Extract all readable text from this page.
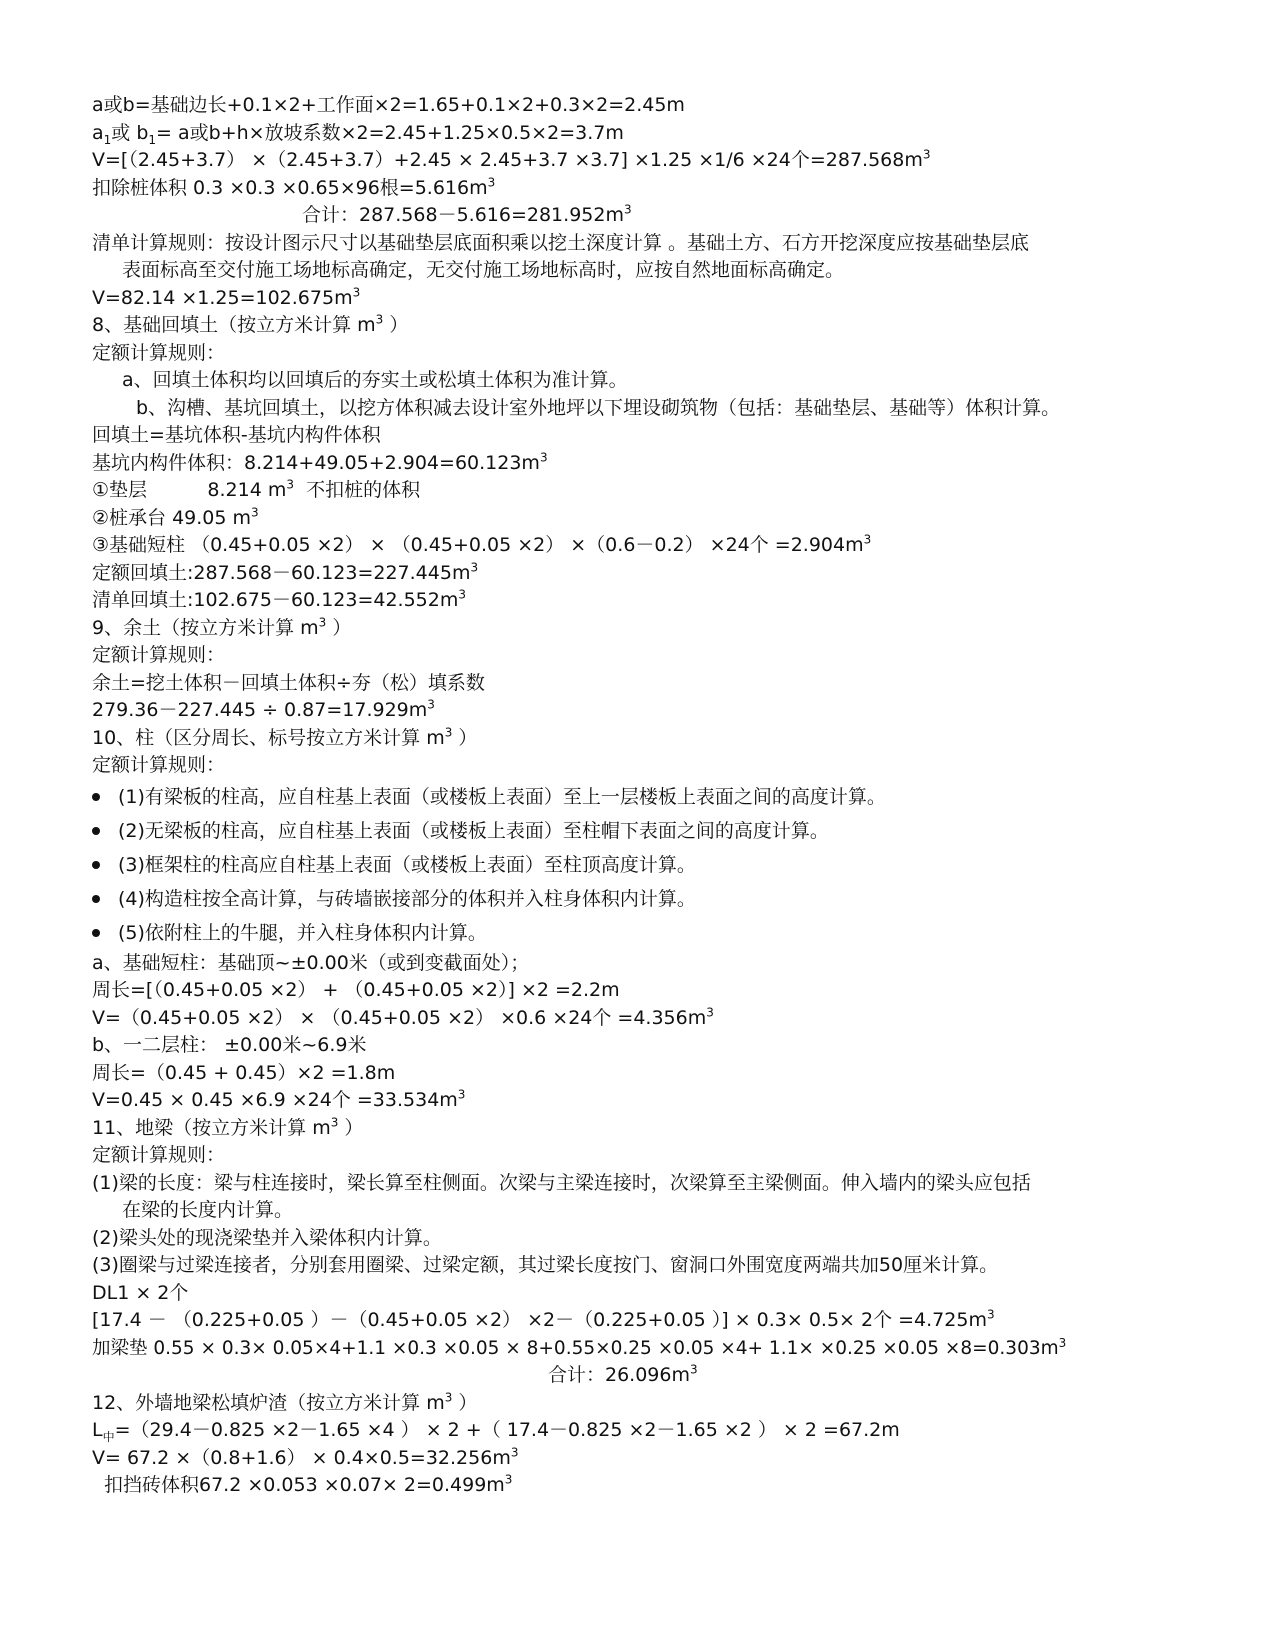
a或b=基础边长+0.1×2+工作面×2=1.65+0.1×2+0.3×2=2.45m
$a_1$或 $b_1= a$或b+h×放坡系数×2=2.45+1.25×0.5×2=3.7m
V=[（2.45+3.7） ×（2.45+3.7）+2.45 × 2.45+3.7 ×3.7] ×1.25 ×1/6 ×24个$=287.568m^3$
扣除桩体积 0.3 ×0.3 ×0.65×96根$=5.616m^3$
合计：$287.568-5.616=281.952m^3$
清单计算规则：按设计图示尺寸以基础垫层底面积乘以挖土深度计算 。基础土方、石方开挖深度应按基础垫层底
表面标高至交付施工场地标高确定，无交付施工场地标高时，应按自然地面标高确定。
$V=82.14 \times 1.25=102.675m^3$
8、基础回填土（按立方米计算 $m^3$ ）
定额计算规则：
a、回填土体积均以回填后的夯实土或松填土体积为准计算。
b、沟槽、基坑回填土，以挖方体积减去设计室外地坪以下埋设砌筑物（包括：基础垫层、基础等）体积计算。
回填土=基坑体积-基坑内构件体积
基坑内构件体积：$8.214+49.05+2.904=60.123m^3$
①垫层          8.214 $m^3$  不扣桩的体积
②桩承台 49.05 $m^3$
③基础短柱 （0.45+0.05 ×2） × （0.45+0.05 ×2） ×（0.6－0.2） ×24个 $=2.904m^3$
定额回填土$:287.568-60.123=227.445m^3$
清单回填土$:102.675-60.123=42.552m^3$
9、余土（按立方米计算 $m^3$ ）
定额计算规则：
余土=挖土体积－回填土体积÷夯（松）填系数
$279.36-227.445 \div 0.87=17.929m^3$
10、柱（区分周长、标号按立方米计算 $m^3$ ）
定额计算规则：
(1)有梁板的柱高，应自柱基上表面（或楼板上表面）至上一层楼板上表面之间的高度计算。
(2)无梁板的柱高，应自柱基上表面（或楼板上表面）至柱帽下表面之间的高度计算。
(3)框架柱的柱高应自柱基上表面（或楼板上表面）至柱顶高度计算。
(4)构造柱按全高计算，与砖墙嵌接部分的体积并入柱身体积内计算。
(5)依附柱上的牛腿，并入柱身体积内计算。
a、基础短柱：基础顶~±0.00米（或到变截面处）；
周长=[（0.45+0.05 ×2） + （0.45+0.05 ×2）] ×2 =2.2m
V=（0.45+0.05 ×2） × （0.45+0.05 ×2） ×0.6 ×24个 $=4.356m^3$
b、一二层柱： ±0.00米~6.9米
周长=（0.45 + 0.45）×2 =1.8m
V=0.45 × 0.45 ×6.9 ×24个 $=33.534m^3$
11、地梁（按立方米计算 $m^3$ ）
定额计算规则：
(1)梁的长度：梁与柱连接时，梁长算至柱侧面。次梁与主梁连接时，次梁算至主梁侧面。伸入墙内的梁头应包括
在梁的长度内计算。
(2)梁头处的现浇梁垫并入梁体积内计算。
(3)圈梁与过梁连接者，分别套用圈梁、过梁定额，其过梁长度按门、窗洞口外围宽度两端共加50厘米计算。
DL1 × 2个
[17.4 － （0.225+0.05 ）－（0.45+0.05 ×2） ×2－（0.225+0.05 ）] × 0.3× 0.5× 2个 $=4.725m^3$
加梁垫 $0.55 \times 0.3\times 0.05\times 4+1.1 \times 0.3 \times 0.05 \times 8+0.55\times 0.25 \times 0.05 \times 4+ 1.1\times \times 0.25 \times 0.05 \times 8=0.303m^3$
合计：$26.096m^3$
12、外墙地梁松填炉渣（按立方米计算 $m^3$ ）
$L_中=(29.4-0.825 \times 2-1.65 \times 4$ ） × 2 +（ 17.4－0.825 ×2－1.65 ×2 ） × 2 =67.2m
$V= 67.2 \times(0.8+1.6) \times 0.4\times 0.5=32.256m^3$
扣挡砖体积$67.2 \times 0.053 \times 0.07\times 2=0.499m^3$
